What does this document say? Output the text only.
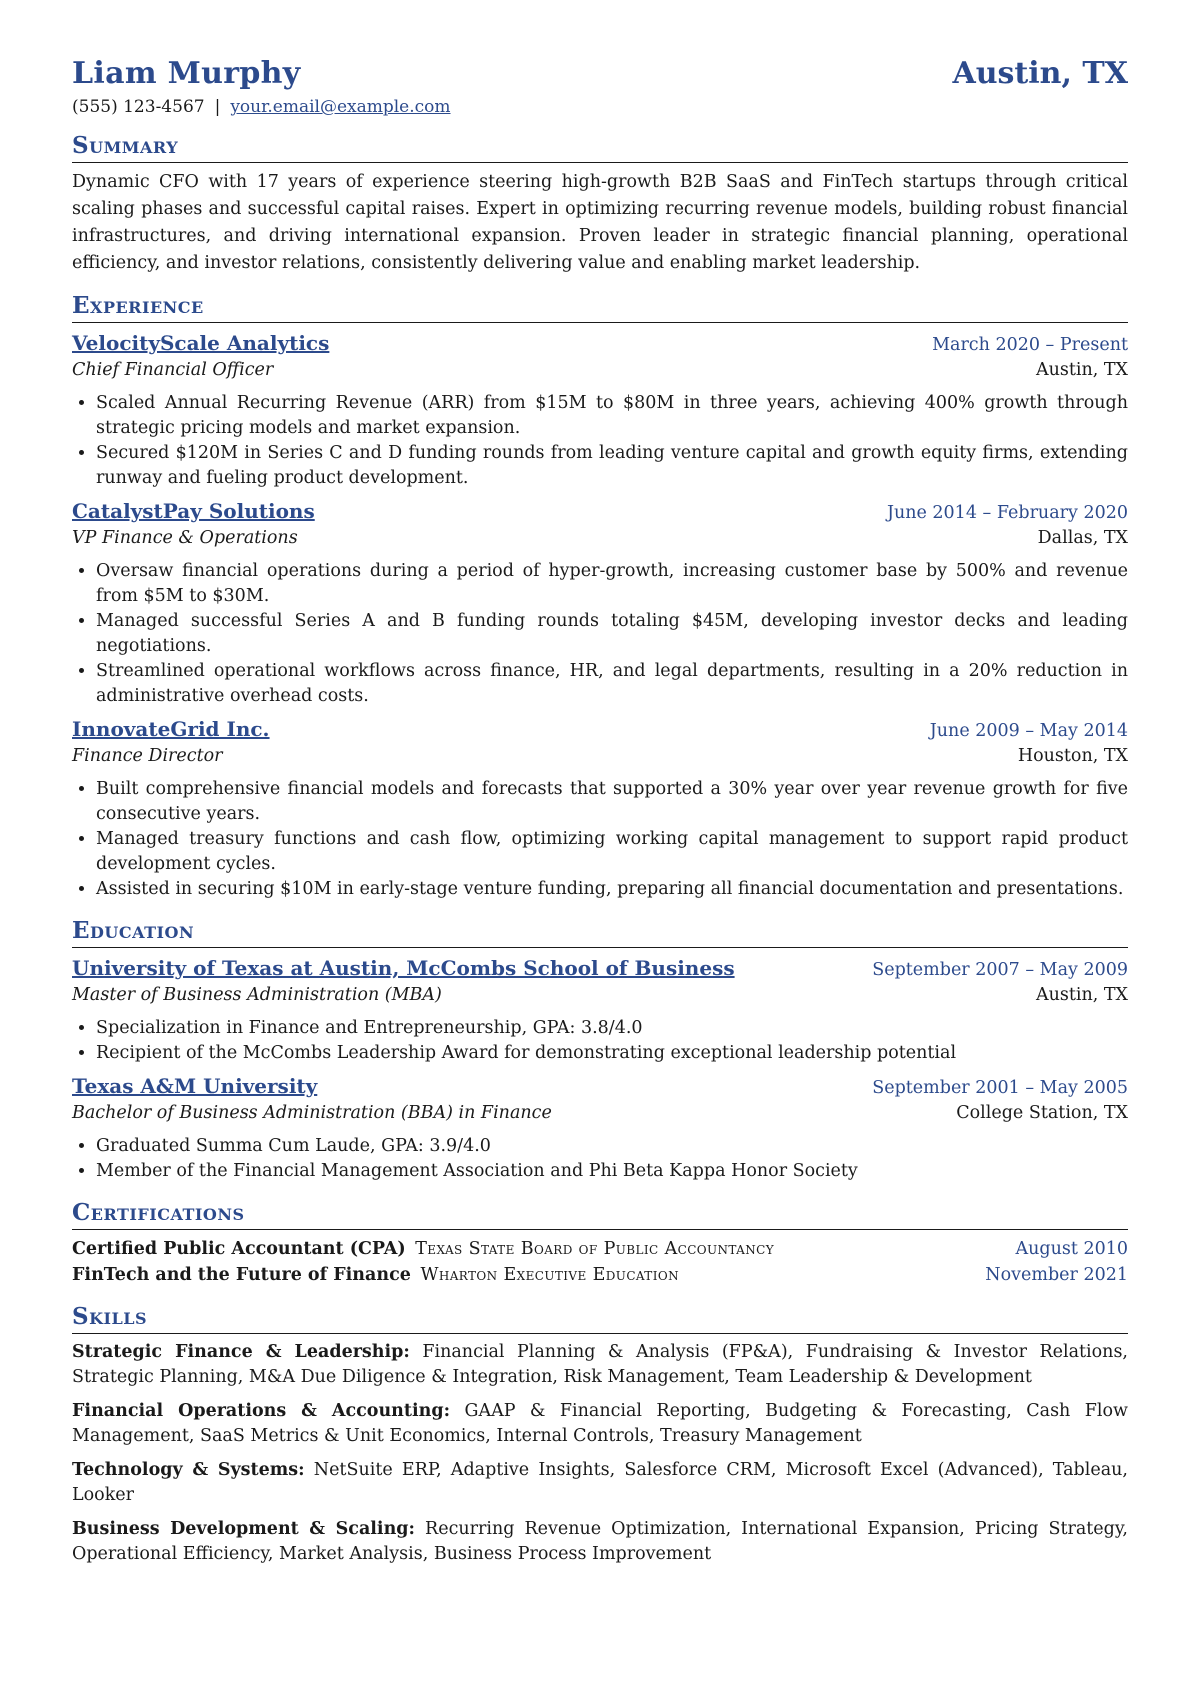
Liam Murphy	Austin, TX
(555) 123-4567 | your.email@example.com
Summary
Dynamic CFO with 17 years of experience steering high-growth B2B SaaS and FinTech startups through critical scaling phases and successful capital raises. Expert in optimizing recurring revenue models, building robust financial infrastructures, and driving international expansion. Proven leader in strategic financial planning, operational efficiency, and investor relations, consistently delivering value and enabling market leadership.
Experience
VelocityScale Analytics	March 2020 – Present
Chief Financial Officer	Austin, TX
• Scaled Annual Recurring Revenue (ARR) from $15M to $80M in three years, achieving 400% growth through strategic pricing models and market expansion.
• Secured $120M in Series C and D funding rounds from leading venture capital and growth equity firms, extending runway and fueling product development.
CatalystPay Solutions	June 2014 – February 2020
VP Finance & Operations	Dallas, TX
• Oversaw financial operations during a period of hyper-growth, increasing customer base by 500% and revenue from $5M to $30M.
• Managed successful Series A and B funding rounds totaling $45M, developing investor decks and leading negotiations.
• Streamlined operational workflows across finance, HR, and legal departments, resulting in a 20% reduction in administrative overhead costs.
InnovateGrid Inc.	June 2009 – May 2014
Finance Director	Houston, TX
• Built comprehensive financial models and forecasts that supported a 30% year over year revenue growth for five consecutive years.
• Managed treasury functions and cash flow, optimizing working capital management to support rapid product development cycles.
• Assisted in securing $10M in early-stage venture funding, preparing all financial documentation and presentations.
Education
University of Texas at Austin, McCombs School of Business	September 2007 – May 2009
Master of Business Administration (MBA)	Austin, TX
• Specialization in Finance and Entrepreneurship, GPA: 3.8/4.0
• Recipient of the McCombs Leadership Award for demonstrating exceptional leadership potential
Texas A&M University	September 2001 – May 2005
Bachelor of Business Administration (BBA) in Finance	College Station, TX
• Graduated Summa Cum Laude, GPA: 3.9/4.0
• Member of the Financial Management Association and Phi Beta Kappa Honor Society
Certifications
Certified Public Accountant (CPA) Texas State Board of Public Accountancy	August 2010
FinTech and the Future of Finance Wharton Executive Education	November 2021
Skills
Strategic Finance & Leadership: Financial Planning & Analysis (FP&A), Fundraising & Investor Relations, Strategic Planning, M&A Due Diligence & Integration, Risk Management, Team Leadership & Development
Financial Operations & Accounting: GAAP & Financial Reporting, Budgeting & Forecasting, Cash Flow Management, SaaS Metrics & Unit Economics, Internal Controls, Treasury Management
Technology & Systems: NetSuite ERP, Adaptive Insights, Salesforce CRM, Microsoft Excel (Advanced), Tableau, Looker
Business Development & Scaling: Recurring Revenue Optimization, International Expansion, Pricing Strategy, Operational Efficiency, Market Analysis, Business Process Improvement
